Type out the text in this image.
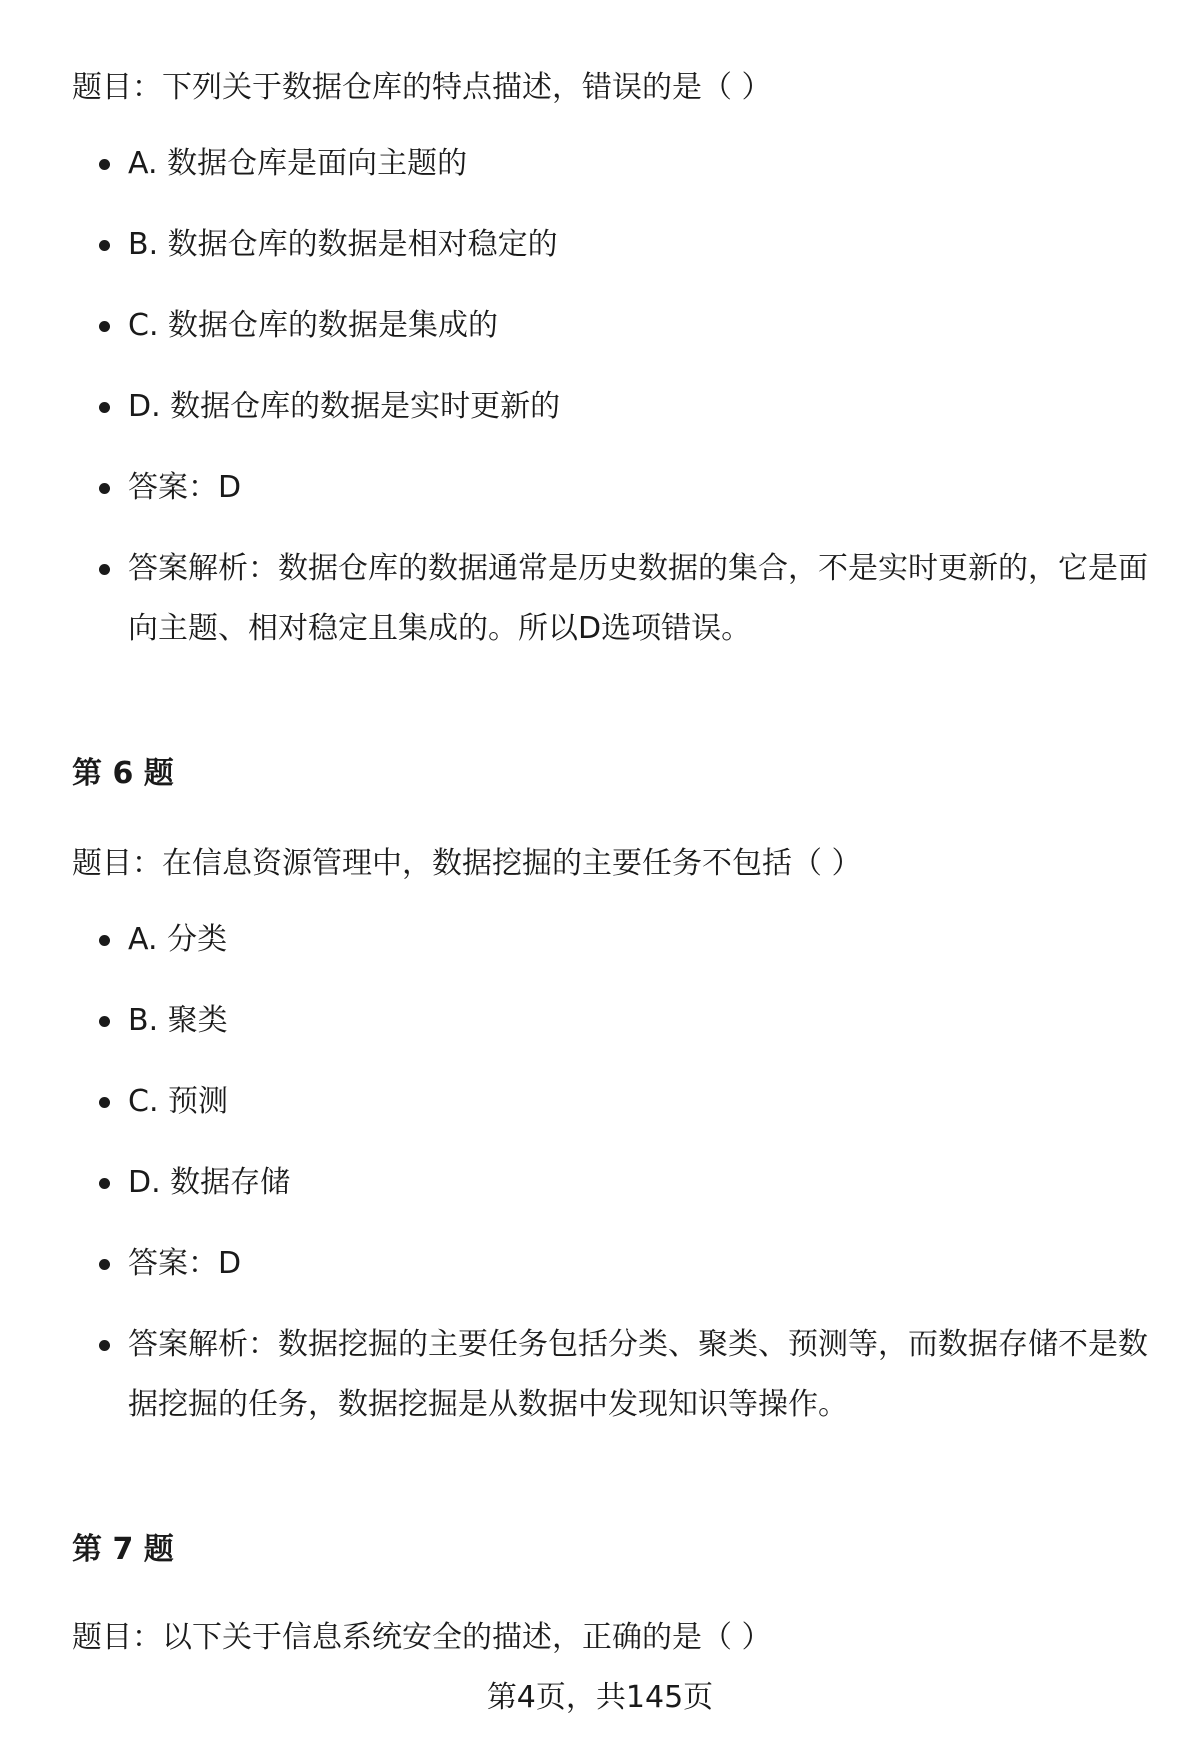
题目：下列关于数据仓库的特点描述，错误的是（ ）

A. 数据仓库是面向主题的
B. 数据仓库的数据是相对稳定的
C. 数据仓库的数据是集成的
D. 数据仓库的数据是实时更新的
答案：D
答案解析：数据仓库的数据通常是历史数据的集合，不是实时更新的，它是面向主题、相对稳定且集成的。所以D选项错误。

第 6 题

题目：在信息资源管理中，数据挖掘的主要任务不包括（ ）

A. 分类
B. 聚类
C. 预测
D. 数据存储
答案：D
答案解析：数据挖掘的主要任务包括分类、聚类、预测等，而数据存储不是数据挖掘的任务，数据挖掘是从数据中发现知识等操作。

第 7 题

题目：以下关于信息系统安全的描述，正确的是（ ）

第4页，共145页
